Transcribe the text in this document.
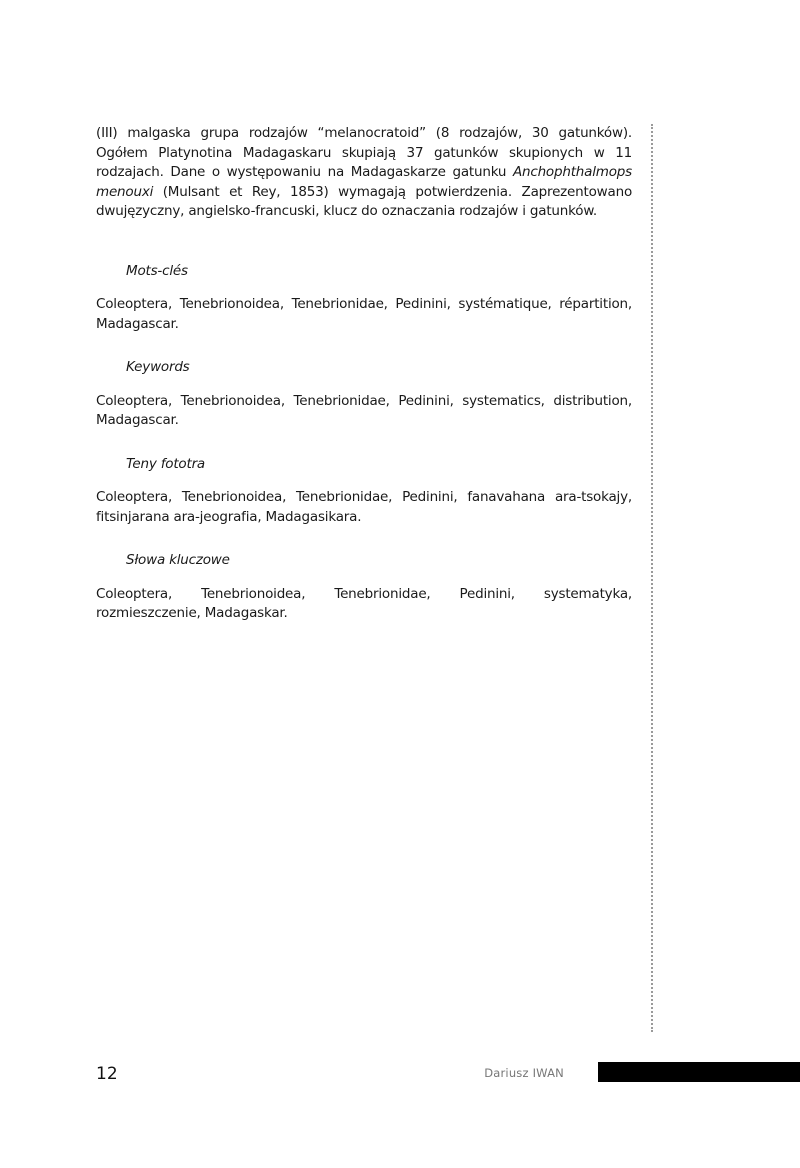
(III) malgaska grupa rodzajów “melanocratoid” (8 rodzajów, 30 gatunków). Ogółem Platynotina Madagaskaru skupiają 37 gatunków skupionych w 11 rodzajach. Dane o występowaniu na Madagaskarze gatunku Anchophthalmops menouxi (Mulsant et Rey, 1853) wymagają potwierdzenia. Zaprezentowano dwujęzyczny, angielsko-francuski, klucz do oznaczania rodzajów i gatunków.

Mots-clés

Coleoptera, Tenebrionoidea, Tenebrionidae, Pedinini, systématique, répartition, Madagascar.

Keywords

Coleoptera, Tenebrionoidea, Tenebrionidae, Pedinini, systematics, distribution, Madagascar.

Teny fototra

Coleoptera, Tenebrionoidea, Tenebrionidae, Pedinini, fanavahana ara-tsokajy, fitsinjarana ara-jeografia, Madagasikara.

Słowa kluczowe

Coleoptera, Tenebrionoidea, Tenebrionidae, Pedinini, systematyka, rozmieszczenie, Madagaskar.

12	Dariusz IWAN
